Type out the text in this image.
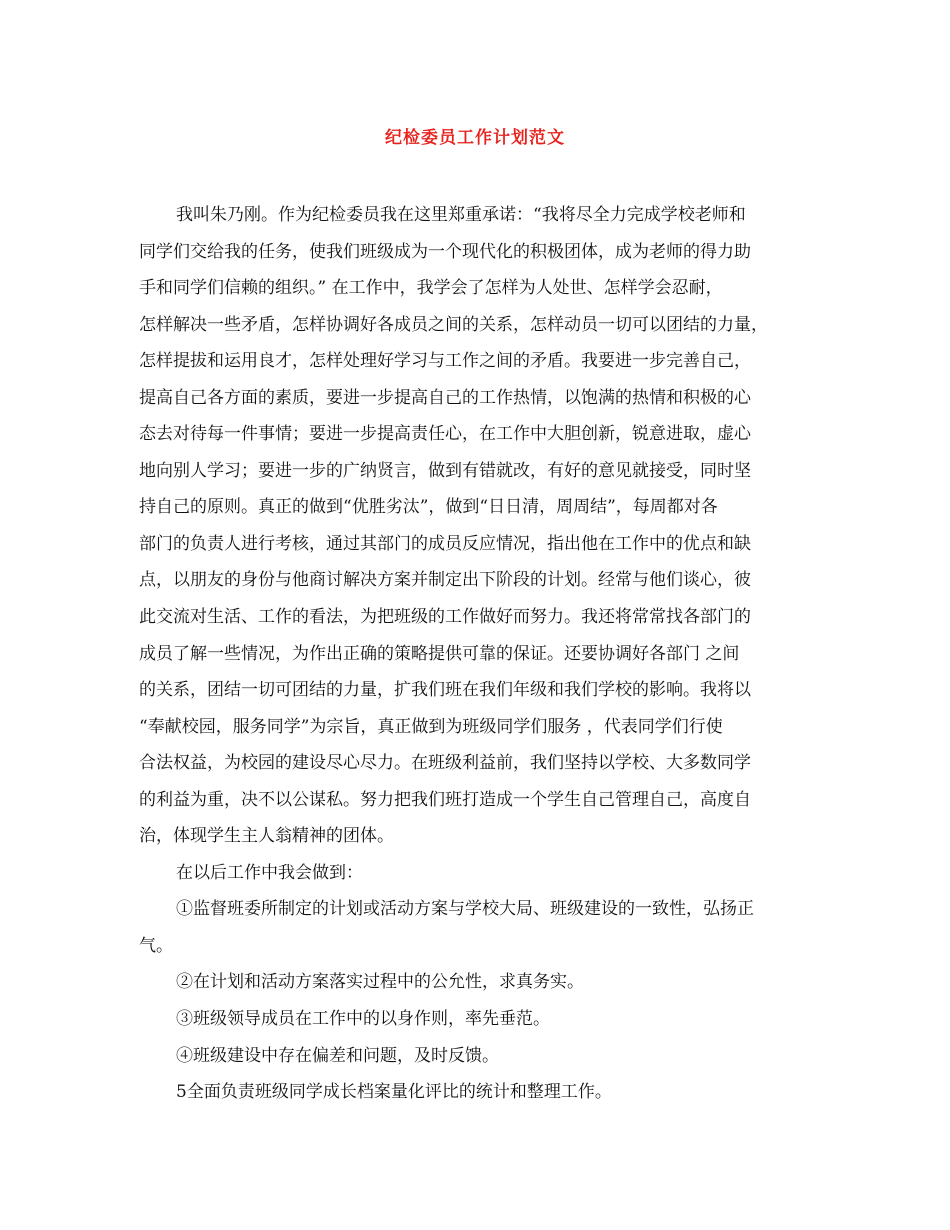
纪检委员工作计划范文
我叫朱乃刚。作为纪检委员我在这里郑重承诺：“我将尽全力完成学校老师和
同学们交给我的任务，使我们班级成为一个现代化的积极团体，成为老师的得力助
手和同学们信赖的组织。” 在工作中，我学会了怎样为人处世、怎样学会忍耐，
怎样解决一些矛盾，怎样协调好各成员之间的关系，怎样动员一切可以团结的力量，
怎样提拔和运用良才，怎样处理好学习与工作之间的矛盾。我要进一步完善自己，
提高自己各方面的素质，要进一步提高自己的工作热情，以饱满的热情和积极的心
态去对待每一件事情；要进一步提高责任心，在工作中大胆创新，锐意进取，虚心
地向别人学习；要进一步的广纳贤言，做到有错就改，有好的意见就接受，同时坚
持自己的原则。真正的做到“优胜劣汰”，做到“日日清，周周结”，每周都对各
部门的负责人进行考核，通过其部门的成员反应情况，指出他在工作中的优点和缺
点，以朋友的身份与他商讨解决方案并制定出下阶段的计划。经常与他们谈心，彼
此交流对生活、工作的看法，为把班级的工作做好而努力。我还将常常找各部门的
成员了解一些情况，为作出正确的策略提供可靠的保证。还要协调好各部门 之间
的关系，团结一切可团结的力量，扩我们班在我们年级和我们学校的影响。我将以
“奉献校园，服务同学”为宗旨，真正做到为班级同学们服务 ，代表同学们行使
合法权益，为校园的建设尽心尽力。在班级利益前，我们坚持以学校、大多数同学
的利益为重，决不以公谋私。努力把我们班打造成一个学生自己管理自己，高度自
治，体现学生主人翁精神的团体。
在以后工作中我会做到：
①监督班委所制定的计划或活动方案与学校大局、班级建设的一致性，弘扬正
气。
②在计划和活动方案落实过程中的公允性，求真务实。
③班级领导成员在工作中的以身作则，率先垂范。
④班级建设中存在偏差和问题，及时反馈。
5全面负责班级同学成长档案量化评比的统计和整理工作。
